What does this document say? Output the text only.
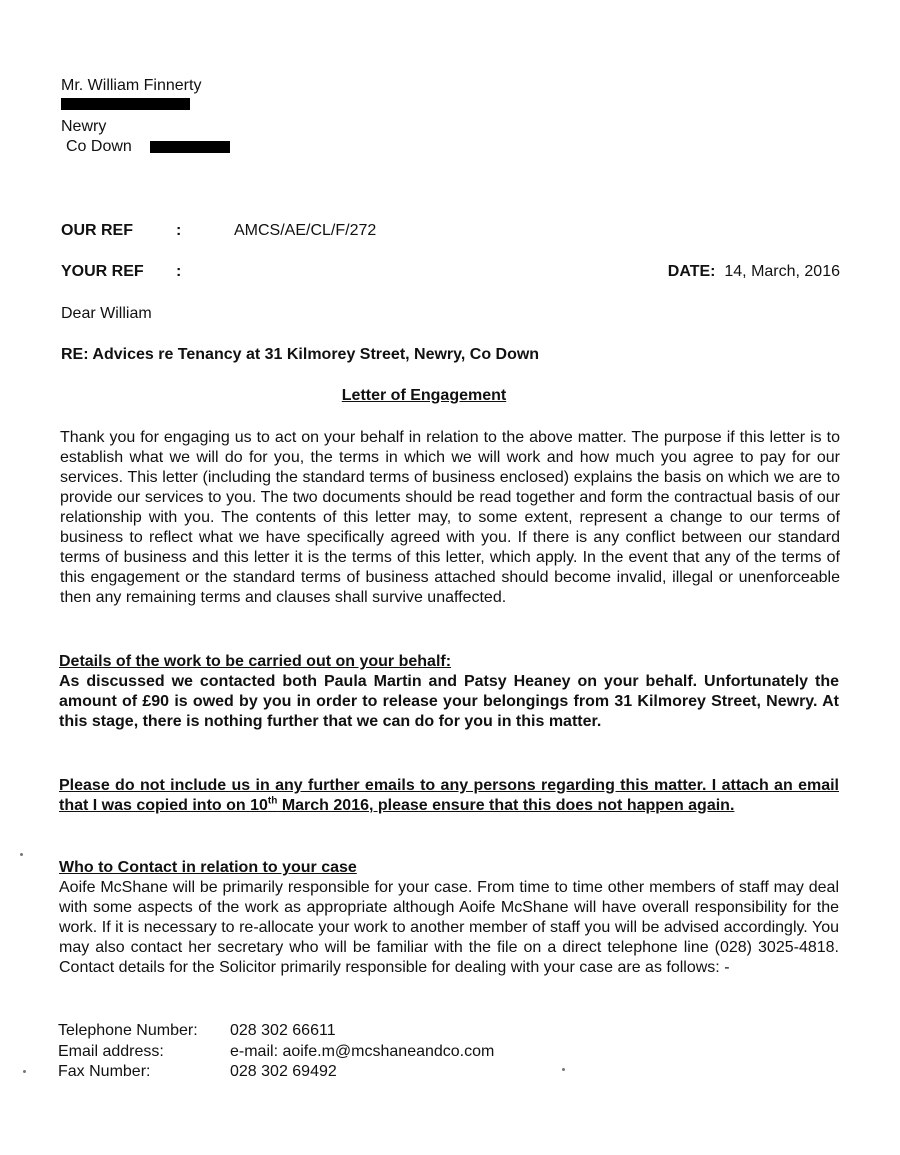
Mr. William Finnerty
Newry
Co Down
OUR REF	:	AMCS/AE/CL/F/272
YOUR REF :	DATE: 14, March, 2016
Dear William
RE: Advices re Tenancy at 31 Kilmorey Street, Newry, Co Down
Letter of Engagement
Thank you for engaging us to act on your behalf in relation to the above matter. The purpose if this letter is to establish what we will do for you, the terms in which we will work and how much you agree to pay for our services. This letter (including the standard terms of business enclosed) explains the basis on which we are to provide our services to you. The two documents should be read together and form the contractual basis of our relationship with you. The contents of this letter may, to some extent, represent a change to our terms of business to reflect what we have specifically agreed with you. If there is any conflict between our standard terms of business and this letter it is the terms of this letter, which apply. In the event that any of the terms of this engagement or the standard terms of business attached should become invalid, illegal or unenforceable then any remaining terms and clauses shall survive unaffected.
Details of the work to be carried out on your behalf:
As discussed we contacted both Paula Martin and Patsy Heaney on your behalf. Unfortunately the amount of £90 is owed by you in order to release your belongings from 31 Kilmorey Street, Newry. At this stage, there is nothing further that we can do for you in this matter.
Please do not include us in any further emails to any persons regarding this matter. I attach an email that I was copied into on 10th March 2016, please ensure that this does not happen again.
Who to Contact in relation to your case
Aoife McShane will be primarily responsible for your case. From time to time other members of staff may deal with some aspects of the work as appropriate although Aoife McShane will have overall responsibility for the work. If it is necessary to re-allocate your work to another member of staff you will be advised accordingly. You may also contact her secretary who will be familiar with the file on a direct telephone line (028) 3025-4818. Contact details for the Solicitor primarily responsible for dealing with your case are as follows: -
Telephone Number: 028 302 66611
Email address:	e-mail: aoife.m@mcshaneandco.com
Fax Number:	028 302 69492
